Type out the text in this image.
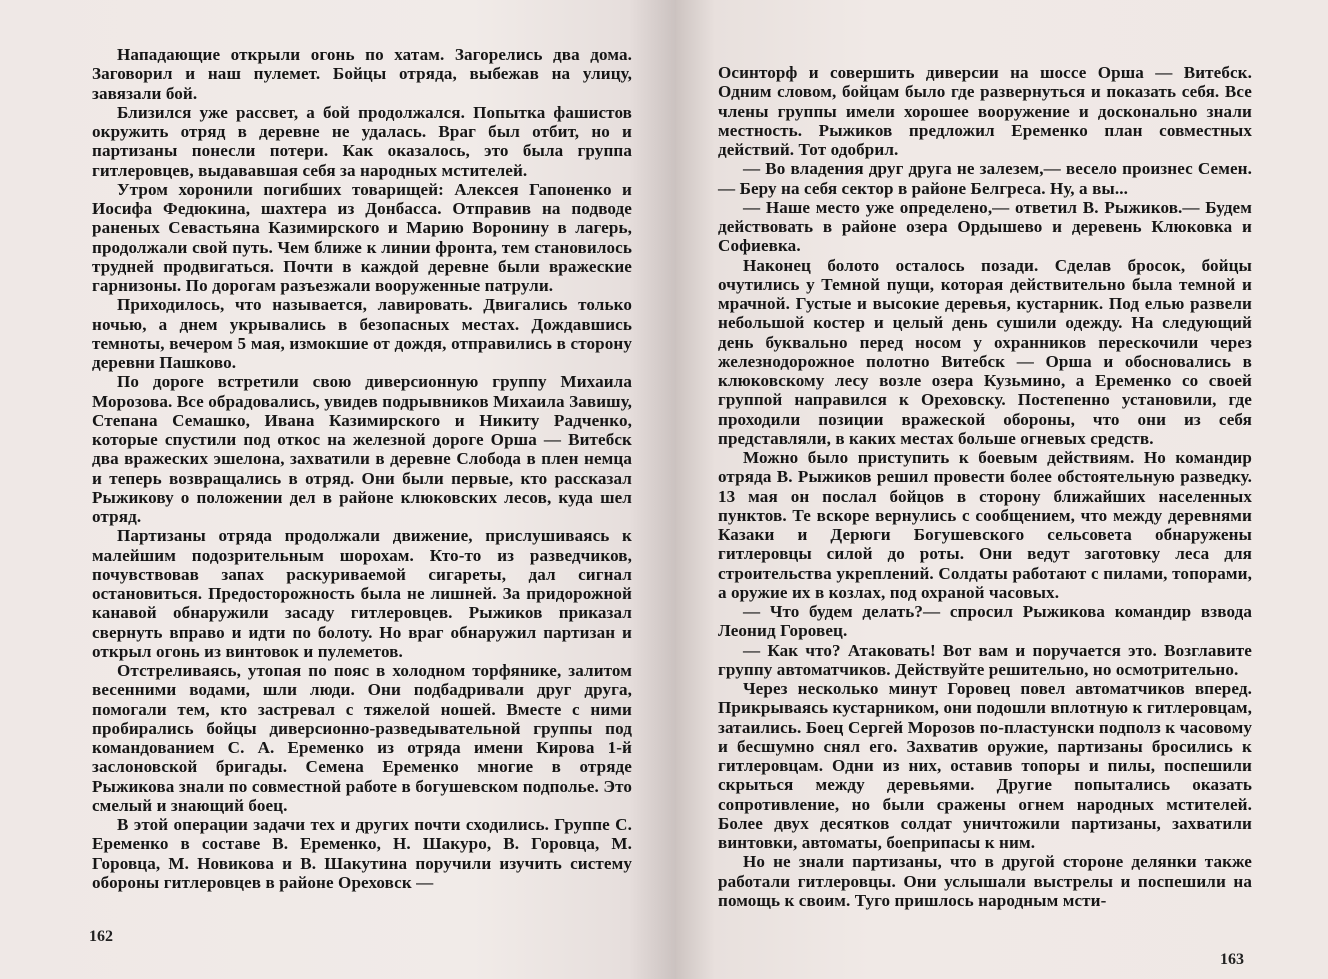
Нападающие открыли огонь по хатам. Загорелись два дома. Заговорил и наш пулемет. Бойцы отряда, выбежав на улицу, завязали бой.

Близился уже рассвет, а бой продолжался. Попытка фашистов окружить отряд в деревне не удалась. Враг был отбит, но и партизаны понесли потери. Как оказалось, это была группа гитлеровцев, выдававшая себя за народных мстителей.

Утром хоронили погибших товарищей: Алексея Гапоненко и Иосифа Федюкина, шахтера из Донбасса. Отправив на подводе раненых Севастьяна Казимирского и Марию Воронину в лагерь, продолжали свой путь. Чем ближе к линии фронта, тем становилось трудней продвигаться. Почти в каждой деревне были вражеские гарнизоны. По дорогам разъезжали вооруженные патрули.

Приходилось, что называется, лавировать. Двигались только ночью, а днем укрывались в безопасных местах. Дождавшись темноты, вечером 5 мая, измокшие от дождя, отправились в сторону деревни Пашково.

По дороге встретили свою диверсионную группу Михаила Морозова. Все обрадовались, увидев подрывников Михаила Завишу, Степана Семашко, Ивана Казимирского и Никиту Радченко, которые спустили под откос на железной дороге Орша — Витебск два вражеских эшелона, захватили в деревне Слобода в плен немца и теперь возвращались в отряд. Они были первые, кто рассказал Рыжикову о положении дел в районе клюковских лесов, куда шел отряд.

Партизаны отряда продолжали движение, прислушиваясь к малейшим подозрительным шорохам. Кто-то из разведчиков, почувствовав запах раскуриваемой сигареты, дал сигнал остановиться. Предосторожность была не лишней. За придорожной канавой обнаружили засаду гитлеровцев. Рыжиков приказал свернуть вправо и идти по болоту. Но враг обнаружил партизан и открыл огонь из винтовок и пулеметов.

Отстреливаясь, утопая по пояс в холодном торфянике, залитом весенними водами, шли люди. Они подбадривали друг друга, помогали тем, кто застревал с тяжелой ношей. Вместе с ними пробирались бойцы диверсионно-разведывательной группы под командованием С. А. Еременко из отряда имени Кирова 1-й заслоновской бригады. Семена Еременко многие в отряде Рыжикова знали по совместной работе в богушевском подполье. Это смелый и знающий боец.

В этой операции задачи тех и других почти сходились. Группе С. Еременко в составе В. Еременко, Н. Шакуро, В. Горовца, М. Горовца, М. Новикова и В. Шакутина поручили изучить систему обороны гитлеровцев в районе Ореховск —

162

Осинторф и совершить диверсии на шоссе Орша — Витебск. Одним словом, бойцам было где развернуться и показать себя. Все члены группы имели хорошее вооружение и досконально знали местность. Рыжиков предложил Еременко план совместных действий. Тот одобрил.

— Во владения друг друга не залезем,— весело произнес Семен.— Беру на себя сектор в районе Белгреса. Ну, а вы...

— Наше место уже определено,— ответил В. Рыжиков.— Будем действовать в районе озера Ордышево и деревень Клюковка и Софиевка.

Наконец болото осталось позади. Сделав бросок, бойцы очутились у Темной пущи, которая действительно была темной и мрачной. Густые и высокие деревья, кустарник. Под елью развели небольшой костер и целый день сушили одежду. На следующий день буквально перед носом у охранников перескочили через железнодорожное полотно Витебск — Орша и обосновались в клюковскому лесу возле озера Кузьмино, а Еременко со своей группой направился к Ореховску. Постепенно установили, где проходили позиции вражеской обороны, что они из себя представляли, в каких местах больше огневых средств.

Можно было приступить к боевым действиям. Но командир отряда В. Рыжиков решил провести более обстоятельную разведку. 13 мая он послал бойцов в сторону ближайших населенных пунктов. Те вскоре вернулись с сообщением, что между деревнями Казаки и Дерюги Богушевского сельсовета обнаружены гитлеровцы силой до роты. Они ведут заготовку леса для строительства укреплений. Солдаты работают с пилами, топорами, а оружие их в козлах, под охраной часовых.

— Что будем делать?— спросил Рыжикова командир взвода Леонид Горовец.

— Как что? Атаковать! Вот вам и поручается это. Возглавите группу автоматчиков. Действуйте решительно, но осмотрительно.

Через несколько минут Горовец повел автоматчиков вперед. Прикрываясь кустарником, они подошли вплотную к гитлеровцам, затаились. Боец Сергей Морозов по-пластунски подполз к часовому и бесшумно снял его. Захватив оружие, партизаны бросились к гитлеровцам. Одни из них, оставив топоры и пилы, поспешили скрыться между деревьями. Другие попытались оказать сопротивление, но были сражены огнем народных мстителей. Более двух десятков солдат уничтожили партизаны, захватили винтовки, автоматы, боеприпасы к ним.

Но не знали партизаны, что в другой стороне делянки также работали гитлеровцы. Они услышали выстрелы и поспешили на помощь к своим. Туго пришлось народным мсти-

163
